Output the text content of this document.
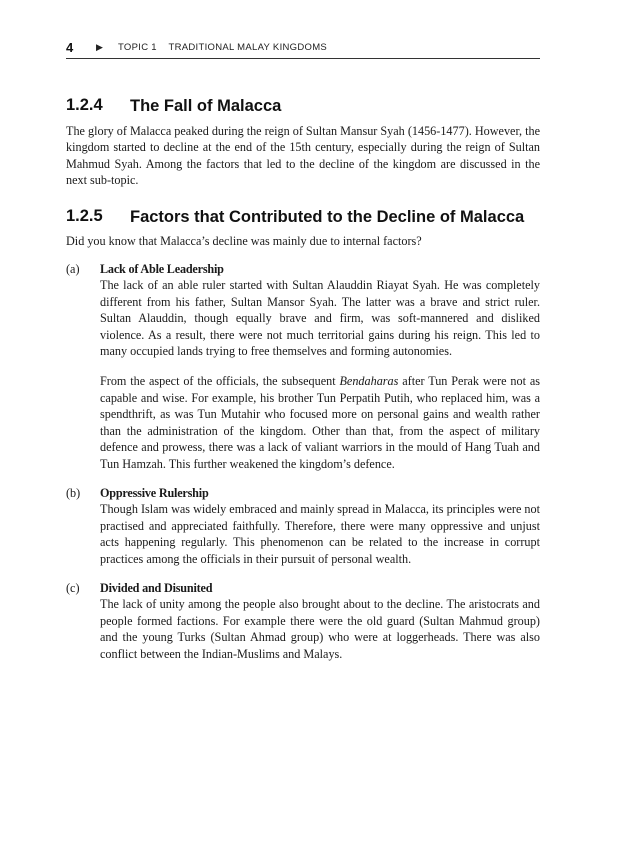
4 ▶ TOPIC 1    TRADITIONAL MALAY KINGDOMS
1.2.4	The Fall of Malacca

The glory of Malacca peaked during the reign of Sultan Mansur Syah (1456-1477). However, the kingdom started to decline at the end of the 15th century, especially during the reign of Sultan Mahmud Syah. Among the factors that led to the decline of the kingdom are discussed in the next sub-topic.

1.2.5	Factors that Contributed to the Decline of Malacca

Did you know that Malacca’s decline was mainly due to internal factors?

(a)	Lack of Able Leadership

The lack of an able ruler started with Sultan Alauddin Riayat Syah. He was completely different from his father, Sultan Mansor Syah. The latter was a brave and strict ruler. Sultan Alauddin, though equally brave and firm, was soft-mannered and disliked violence. As a result, there were not much territorial gains during his reign. This led to many occupied lands trying to free themselves and forming autonomies.

From the aspect of the officials, the subsequent Bendaharas after Tun Perak were not as capable and wise. For example, his brother Tun Perpatih Putih, who replaced him, was a spendthrift, as was Tun Mutahir who focused more on personal gains and wealth rather than the administration of the kingdom. Other than that, from the aspect of military defence and prowess, there was a lack of valiant warriors in the mould of Hang Tuah and Tun Hamzah. This further weakened the kingdom’s defence.

(b)	Oppressive Rulership

Though Islam was widely embraced and mainly spread in Malacca, its principles were not practised and appreciated faithfully. Therefore, there were many oppressive and unjust acts happening regularly. This phenomenon can be related to the increase in corrupt practices among the officials in their pursuit of personal wealth.

(c)	Divided and Disunited

The lack of unity among the people also brought about to the decline. The aristocrats and people formed factions. For example there were the old guard (Sultan Mahmud group) and the young Turks (Sultan Ahmad group) who were at loggerheads. There was also conflict between the Indian-Muslims and Malays.
